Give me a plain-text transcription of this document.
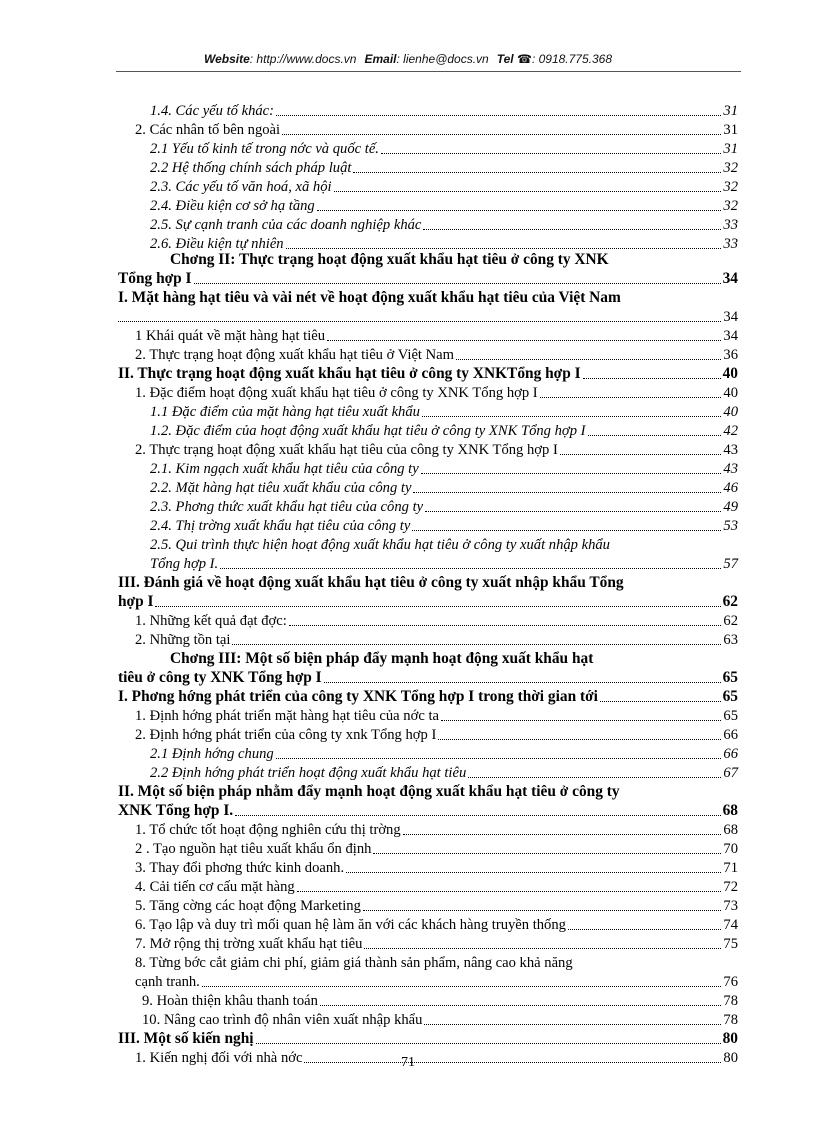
Website: http://www.docs.vn Email: lienhe@docs.vn Tel ☎: 0918.775.368
1.4. Các yếu tố khác:	31
2. Các nhân tố bên ngoài	31
2.1 Yếu tố kinh tế trong nớc và quốc tế.	31
2.2 Hệ thống chính sách pháp luật	32
2.3. Các yếu tố văn hoá, xã hội	32
2.4. Điều kiện cơ sở hạ tầng	32
2.5. Sự cạnh tranh của các doanh nghiệp khác	33
2.6. Điều kiện tự nhiên	33
Chơng II: Thực trạng hoạt động xuất khẩu hạt tiêu ở công ty XNK
Tổng hợp I	34
I. Mặt hàng hạt tiêu và vài nét về hoạt động xuất khẩu hạt tiêu của Việt Nam
34
1 Khái quát về mặt hàng hạt tiêu	34
2. Thực trạng hoạt động xuất khẩu hạt tiêu ở Việt Nam	36
II. Thực trạng hoạt động xuất khẩu hạt tiêu ở công ty XNKTổng hợp I	40
1. Đặc điểm hoạt động xuất khẩu hạt tiêu ở công ty XNK Tổng hợp I	40
1.1 Đặc điểm của mặt hàng hạt tiêu xuất khẩu	40
1.2. Đặc điểm của hoạt động xuất khẩu hạt tiêu ở công ty XNK Tổng hợp I	42
2. Thực trạng hoạt động xuất khẩu hạt tiêu của công ty XNK Tổng hợp I	43
2.1. Kim ngạch xuất khẩu hạt tiêu của công ty	43
2.2. Mặt hàng hạt tiêu xuất khẩu của công ty	46
2.3. Phơng thức xuất khẩu hạt tiêu của công ty	49
2.4. Thị trờng xuất khẩu hạt tiêu của công ty	53
2.5. Qui trình thực hiện hoạt động xuất khẩu hạt tiêu ở công ty xuất nhập khẩu
Tổng hợp I.	57
III. Đánh giá về hoạt động xuất khẩu hạt tiêu ở công ty xuất nhập khẩu Tổng
hợp I	62
1. Những kết quả đạt đợc:	62
2. Những tồn tại	63
Chơng III: Một số biện pháp đẩy mạnh hoạt động xuất khẩu hạt
tiêu ở công ty XNK Tổng hợp I	65
I. Phơng hớng phát triển của công ty XNK Tổng hợp I trong thời gian tới	65
1. Định hớng phát triển mặt hàng hạt tiêu của nớc ta	65
2. Định hớng phát triển của công ty xnk Tổng hợp I	66
2.1 Định hớng chung	66
2.2 Định hớng phát triển hoạt động xuất khẩu hạt tiêu	67
II. Một số biện pháp nhằm đẩy mạnh hoạt động xuất khẩu hạt tiêu ở công ty
XNK Tổng hợp I.	68
1. Tổ chức tốt hoạt động nghiên cứu thị trờng	68
2 . Tạo nguồn hạt tiêu xuất khẩu ổn định	70
3. Thay đổi phơng thức kinh doanh.	71
4. Cải tiến cơ cấu mặt hàng	72
5. Tăng cờng các hoạt động Marketing	73
6. Tạo lập và duy trì mối quan hệ làm ăn với các khách hàng truyền thống	74
7. Mở rộng thị trờng xuất khẩu hạt tiêu	75
8. Từng bớc cắt giảm chi phí, giảm giá thành sản phẩm, nâng cao khả năng
cạnh tranh.	76
9. Hoàn thiện khâu thanh toán	78
10. Nâng cao trình độ nhân viên xuất nhập khẩu	78
III. Một số kiến nghị	80
1. Kiến nghị đối với nhà nớc	80
71
